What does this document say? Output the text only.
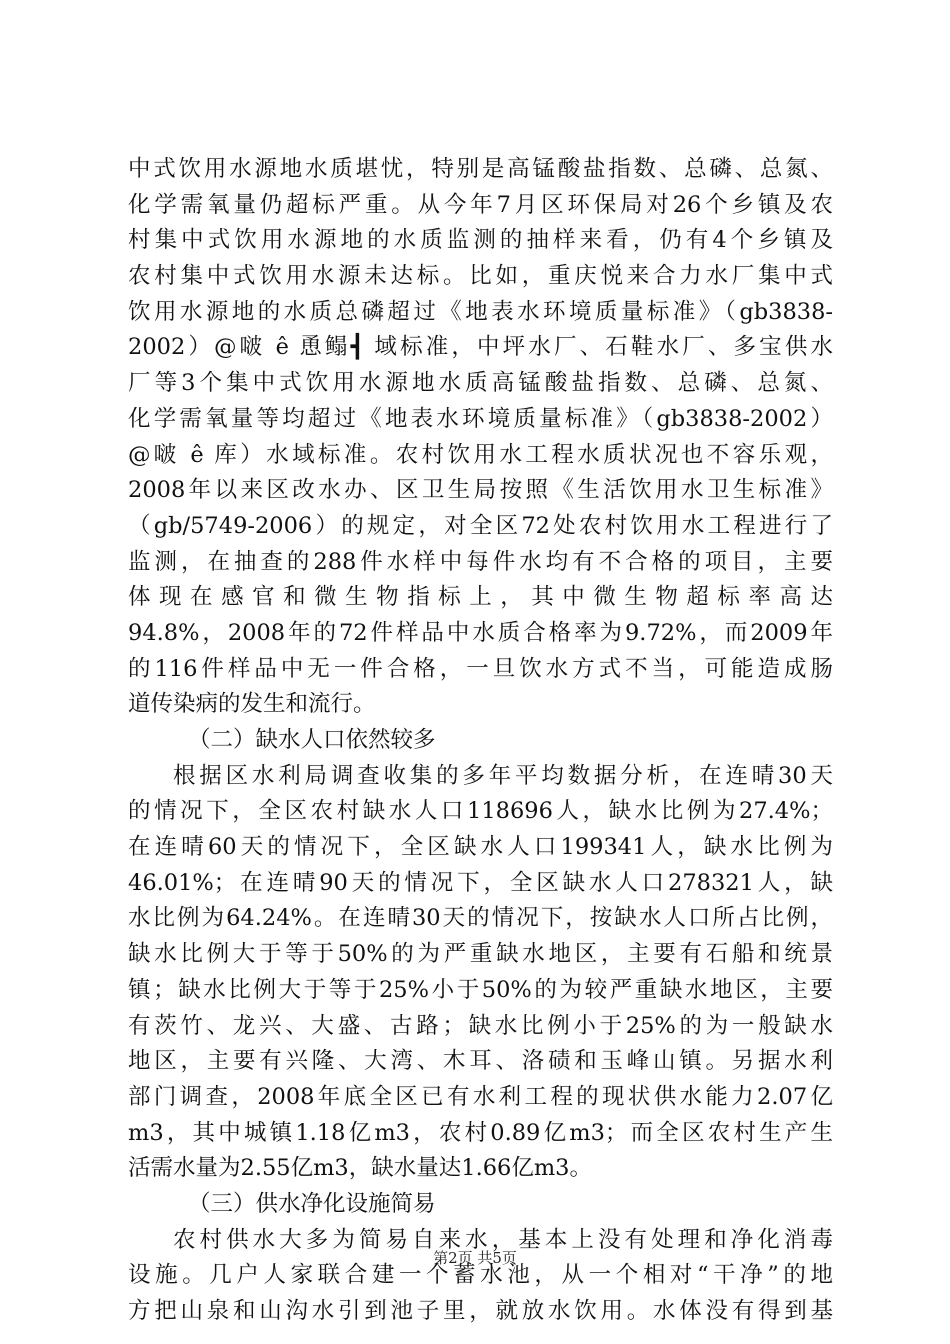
中式饮用水源地水质堪忧，特别是高锰酸盐指数、总磷、总氮、
化学需氧量仍超标严重。从今年7月区环保局对26个乡镇及农
村集中式饮用水源地的水质监测的抽样来看，仍有4个乡镇及
农村集中式饮用水源未达标。比如，重庆悦来合力水厂集中式
饮用水源地的水质总磷超过《地表水环境质量标准》（gb3838-
2002）@啵 ê 恿鳎┫ 域标准，中坪水厂、石鞋水厂、多宝供水
厂等3个集中式饮用水源地水质高锰酸盐指数、总磷、总氮、
化学需氧量等均超过《地表水环境质量标准》（gb3838-2002）
@啵 ê 库）水域标准。农村饮用水工程水质状况也不容乐观，
2008年以来区改水办、区卫生局按照《生活饮用水卫生标准》
（gb/5749-2006）的规定，对全区72处农村饮用水工程进行了
监测，在抽查的288件水样中每件水均有不合格的项目，主要
体现在感官和微生物指标上，其中微生物超标率高达
94.8%，2008年的72件样品中水质合格率为9.72%，而2009年
的116件样品中无一件合格，一旦饮水方式不当，可能造成肠
道传染病的发生和流行。
（二）缺水人口依然较多
根据区水利局调查收集的多年平均数据分析，在连晴30天
的情况下，全区农村缺水人口118696人，缺水比例为27.4%；
在连晴60天的情况下，全区缺水人口199341人，缺水比例为
46.01%；在连晴90天的情况下，全区缺水人口278321人，缺
水比例为64.24%。在连晴30天的情况下，按缺水人口所占比例，
缺水比例大于等于50%的为严重缺水地区，主要有石船和统景
镇；缺水比例大于等于25%小于50%的为较严重缺水地区，主要
有茨竹、龙兴、大盛、古路；缺水比例小于25%的为一般缺水
地区，主要有兴隆、大湾、木耳、洛碛和玉峰山镇。另据水利
部门调查，2008年底全区已有水利工程的现状供水能力2.07亿
m3，其中城镇1.18亿m3，农村0.89亿m3；而全区农村生产生
活需水量为2.55亿m3，缺水量达1.66亿m3。
（三）供水净化设施简易
农村供水大多为简易自来水，基本上没有处理和净化消毒
设施。几户人家联合建一个蓄水池，从一个相对“干净”的地
方把山泉和山沟水引到池子里，就放水饮用。水体没有得到基
第2页 共5页
